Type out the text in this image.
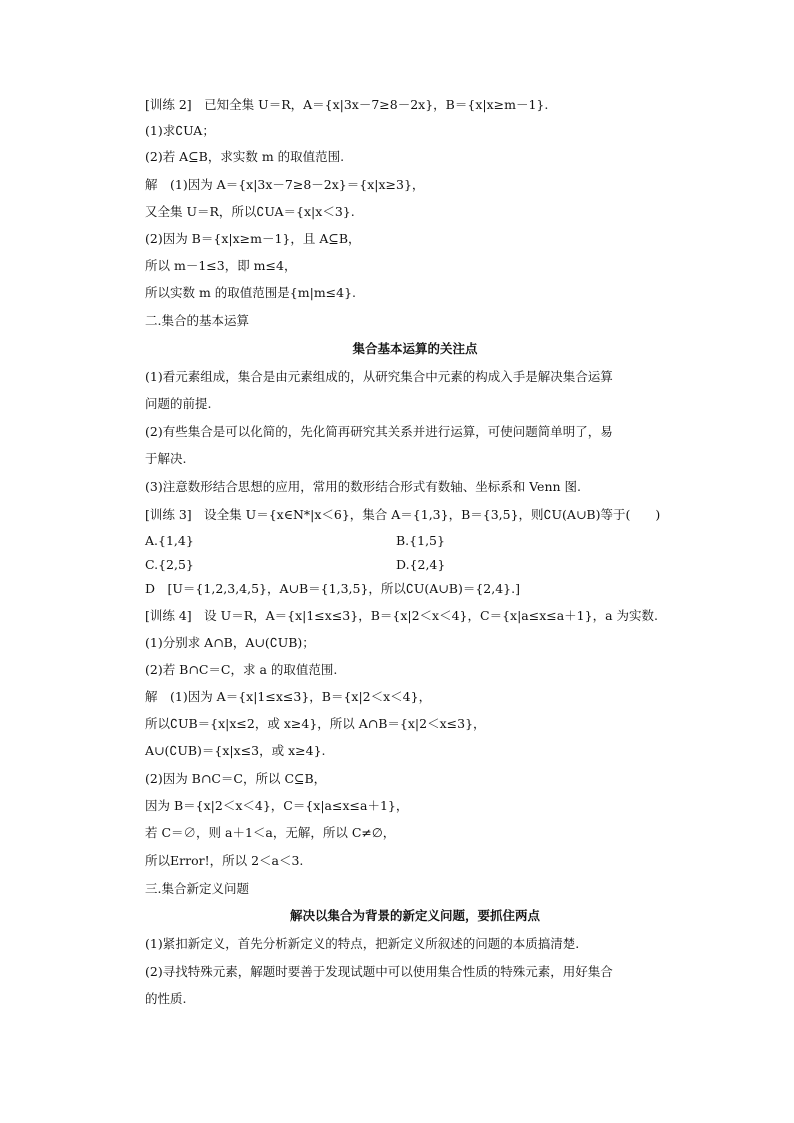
[训练 2]　已知全集 U＝R，A＝{x|3x－7≥8－2x}，B＝{x|x≥m－1}.
(1)求∁UA；
(2)若 A⊆B，求实数 m 的取值范围.
解　(1)因为 A＝{x|3x－7≥8－2x}＝{x|x≥3}，
又全集 U＝R，所以∁UA＝{x|x＜3}.
(2)因为 B＝{x|x≥m－1}，且 A⊆B，
所以 m－1≤3，即 m≤4，
所以实数 m 的取值范围是{m|m≤4}.
二.集合的基本运算
集合基本运算的关注点
(1)看元素组成，集合是由元素组成的，从研究集合中元素的构成入手是解决集合运算
问题的前提.
(2)有些集合是可以化简的，先化简再研究其关系并进行运算，可使问题简单明了，易
于解决.
(3)注意数形结合思想的应用，常用的数形结合形式有数轴、坐标系和 Venn 图.
[训练 3]　设全集 U＝{x∈N*|x＜6}，集合 A＝{1,3}，B＝{3,5}，则∁U(A∪B)等于(　　)
A.{1,4}	B.{1,5}
C.{2,5}	D.{2,4}
D　[U＝{1,2,3,4,5}，A∪B＝{1,3,5}，所以∁U(A∪B)＝{2,4}.]
[训练 4]　设 U＝R，A＝{x|1≤x≤3}，B＝{x|2＜x＜4}，C＝{x|a≤x≤a＋1}，a 为实数.
(1)分别求 A∩B，A∪(∁UB)；
(2)若 B∩C＝C，求 a 的取值范围.
解　(1)因为 A＝{x|1≤x≤3}，B＝{x|2＜x＜4}，
所以∁UB＝{x|x≤2，或 x≥4}，所以 A∩B＝{x|2＜x≤3}，
A∪(∁UB)＝{x|x≤3，或 x≥4}.
(2)因为 B∩C＝C，所以 C⊆B，
因为 B＝{x|2＜x＜4}，C＝{x|a≤x≤a＋1}，
若 C＝∅，则 a＋1＜a，无解，所以 C≠∅，
所以Error!，所以 2＜a＜3.
三.集合新定义问题
解决以集合为背景的新定义问题，要抓住两点
(1)紧扣新定义，首先分析新定义的特点，把新定义所叙述的问题的本质搞清楚.
(2)寻找特殊元素，解题时要善于发现试题中可以使用集合性质的特殊元素，用好集合
的性质.
